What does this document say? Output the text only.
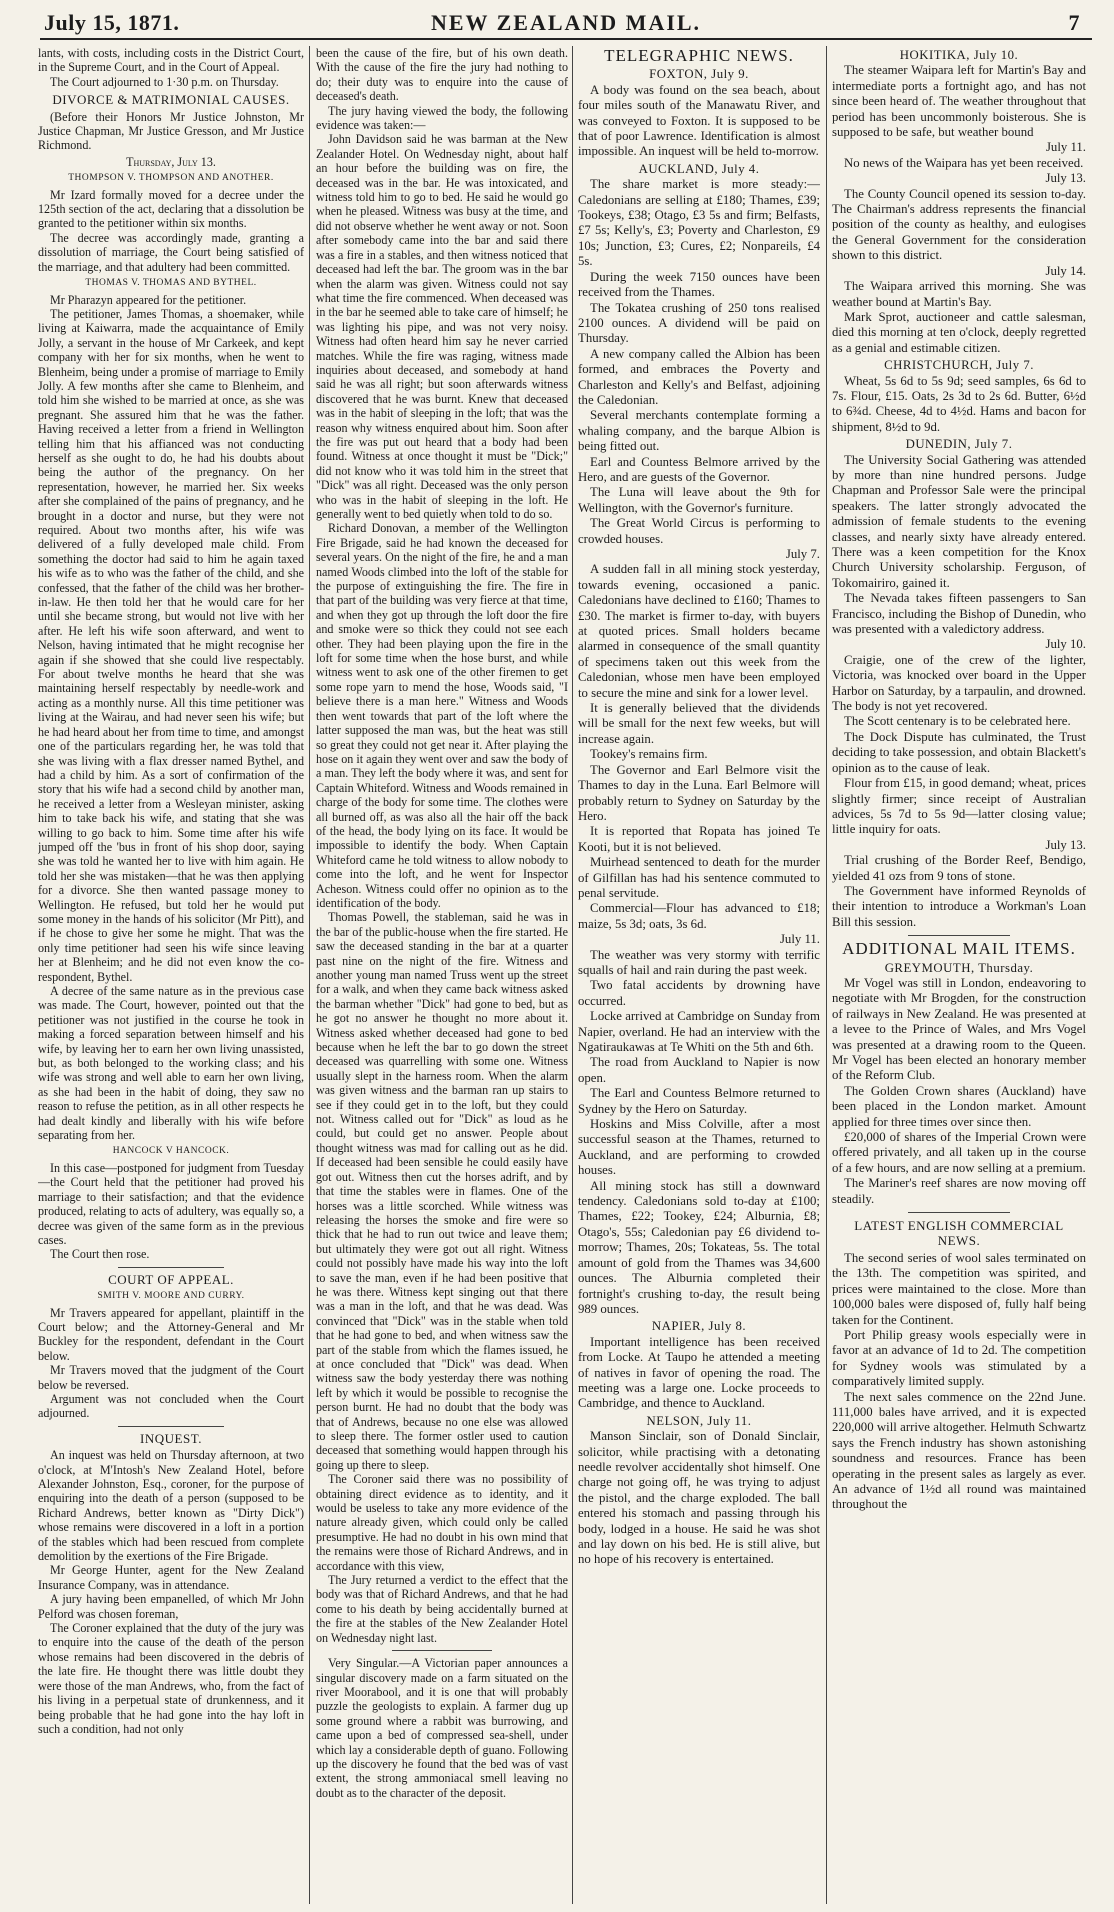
July 15, 1871.	NEW ZEALAND MAIL.	7

lants, with costs, including costs in the District Court, in the Supreme Court, and in the Court of Appeal.

The Court adjourned to 1·30 p.m. on Thursday.

DIVORCE & MATRIMONIAL CAUSES.

(Before their Honors Mr Justice Johnston, Mr Justice Chapman, Mr Justice Gresson, and Mr Justice Richmond.

Thursday, July 13.
THOMPSON V. THOMPSON AND ANOTHER.

Mr Izard formally moved for a decree under the 125th section of the act, declaring that a dissolution be granted to the petitioner within six months.

The decree was accordingly made, granting a dissolution of marriage, the Court being satisfied of the marriage, and that adultery had been committed.

THOMAS V. THOMAS AND BYTHEL.

Mr Pharazyn appeared for the petitioner.

The petitioner, James Thomas, a shoemaker, while living at Kaiwarra, made the acquaintance of Emily Jolly, a servant in the house of Mr Carkeek, and kept company with her for six months, when he went to Blenheim, being under a promise of marriage to Emily Jolly. A few months after she came to Blenheim, and told him she wished to be married at once, as she was pregnant. She assured him that he was the father. Having received a letter from a friend in Wellington telling him that his affianced was not conducting herself as she ought to do, he had his doubts about being the author of the pregnancy. On her representation, however, he married her. Six weeks after she complained of the pains of pregnancy, and he brought in a doctor and nurse, but they were not required. About two months after, his wife was delivered of a fully developed male child. From something the doctor had said to him he again taxed his wife as to who was the father of the child, and she confessed, that the father of the child was her brother-in-law. He then told her that he would care for her until she became strong, but would not live with her after. He left his wife soon afterward, and went to Nelson, having intimated that he might recognise her again if she showed that she could live respectably. For about twelve months he heard that she was maintaining herself respectably by needle-work and acting as a monthly nurse. All this time petitioner was living at the Wairau, and had never seen his wife; but he had heard about her from time to time, and amongst one of the particulars regarding her, he was told that she was living with a flax dresser named Bythel, and had a child by him. As a sort of confirmation of the story that his wife had a second child by another man, he received a letter from a Wesleyan minister, asking him to take back his wife, and stating that she was willing to go back to him. Some time after his wife jumped off the 'bus in front of his shop door, saying she was told he wanted her to live with him again. He told her she was mistaken—that he was then applying for a divorce. She then wanted passage money to Wellington. He refused, but told her he would put some money in the hands of his solicitor (Mr Pitt), and if he chose to give her some he might. That was the only time petitioner had seen his wife since leaving her at Blenheim; and he did not even know the co-respondent, Bythel.

A decree of the same nature as in the previous case was made. The Court, however, pointed out that the petitioner was not justified in the course he took in making a forced separation between himself and his wife, by leaving her to earn her own living unassisted, but, as both belonged to the working class; and his wife was strong and well able to earn her own living, as she had been in the habit of doing, they saw no reason to refuse the petition, as in all other respects he had dealt kindly and liberally with his wife before separating from her.

HANCOCK V HANCOCK.

In this case—postponed for judgment from Tuesday—the Court held that the petitioner had proved his marriage to their satisfaction; and that the evidence produced, relating to acts of adultery, was equally so, a decree was given of the same form as in the previous cases.

The Court then rose.

COURT OF APPEAL.
SMITH V. MOORE AND CURRY.

Mr Travers appeared for appellant, plaintiff in the Court below; and the Attorney-General and Mr Buckley for the respondent, defendant in the Court below.

Mr Travers moved that the judgment of the Court below be reversed.

Argument was not concluded when the Court adjourned.

INQUEST.

An inquest was held on Thursday afternoon, at two o'clock, at M'Intosh's New Zealand Hotel, before Alexander Johnston, Esq., coroner, for the purpose of enquiring into the death of a person (supposed to be Richard Andrews, better known as "Dirty Dick") whose remains were discovered in a loft in a portion of the stables which had been rescued from complete demolition by the exertions of the Fire Brigade.

Mr George Hunter, agent for the New Zealand Insurance Company, was in attendance.

A jury having been empanelled, of which Mr John Pelford was chosen foreman,

The Coroner explained that the duty of the jury was to enquire into the cause of the death of the person whose remains had been discovered in the debris of the late fire. He thought there was little doubt they were those of the man Andrews, who, from the fact of his living in a perpetual state of drunkenness, and it being probable that he had gone into the hay loft in such a condition, had not only

been the cause of the fire, but of his own death. With the cause of the fire the jury had nothing to do; their duty was to enquire into the cause of deceased's death.

The jury having viewed the body, the following evidence was taken:—

John Davidson said he was barman at the New Zealander Hotel. On Wednesday night, about half an hour before the building was on fire, the deceased was in the bar. He was intoxicated, and witness told him to go to bed. He said he would go when he pleased. Witness was busy at the time, and did not observe whether he went away or not. Soon after somebody came into the bar and said there was a fire in a stables, and then witness noticed that deceased had left the bar. The groom was in the bar when the alarm was given. Witness could not say what time the fire commenced. When deceased was in the bar he seemed able to take care of himself; he was lighting his pipe, and was not very noisy. Witness had often heard him say he never carried matches. While the fire was raging, witness made inquiries about deceased, and somebody at hand said he was all right; but soon afterwards witness discovered that he was burnt. Knew that deceased was in the habit of sleeping in the loft; that was the reason why witness enquired about him. Soon after the fire was put out heard that a body had been found. Witness at once thought it must be "Dick;" did not know who it was told him in the street that "Dick" was all right. Deceased was the only person who was in the habit of sleeping in the loft. He generally went to bed quietly when told to do so.

Richard Donovan, a member of the Wellington Fire Brigade, said he had known the deceased for several years. On the night of the fire, he and a man named Woods climbed into the loft of the stable for the purpose of extinguishing the fire. The fire in that part of the building was very fierce at that time, and when they got up through the loft door the fire and smoke were so thick they could not see each other. They had been playing upon the fire in the loft for some time when the hose burst, and while witness went to ask one of the other firemen to get some rope yarn to mend the hose, Woods said, "I believe there is a man here." Witness and Woods then went towards that part of the loft where the latter supposed the man was, but the heat was still so great they could not get near it. After playing the hose on it again they went over and saw the body of a man. They left the body where it was, and sent for Captain Whiteford. Witness and Woods remained in charge of the body for some time. The clothes were all burned off, as was also all the hair off the back of the head, the body lying on its face. It would be impossible to identify the body. When Captain Whiteford came he told witness to allow nobody to come into the loft, and he went for Inspector Acheson. Witness could offer no opinion as to the identification of the body.

Thomas Powell, the stableman, said he was in the bar of the public-house when the fire started. He saw the deceased standing in the bar at a quarter past nine on the night of the fire. Witness and another young man named Truss went up the street for a walk, and when they came back witness asked the barman whether "Dick" had gone to bed, but as he got no answer he thought no more about it. Witness asked whether deceased had gone to bed because when he left the bar to go down the street deceased was quarrelling with some one. Witness usually slept in the harness room. When the alarm was given witness and the barman ran up stairs to see if they could get in to the loft, but they could not. Witness called out for "Dick" as loud as he could, but could get no answer. People about thought witness was mad for calling out as he did. If deceased had been sensible he could easily have got out. Witness then cut the horses adrift, and by that time the stables were in flames. One of the horses was a little scorched. While witness was releasing the horses the smoke and fire were so thick that he had to run out twice and leave them; but ultimately they were got out all right. Witness could not possibly have made his way into the loft to save the man, even if he had been positive that he was there. Witness kept singing out that there was a man in the loft, and that he was dead. Was convinced that "Dick" was in the stable when told that he had gone to bed, and when witness saw the part of the stable from which the flames issued, he at once concluded that "Dick" was dead. When witness saw the body yesterday there was nothing left by which it would be possible to recognise the person burnt. He had no doubt that the body was that of Andrews, because no one else was allowed to sleep there. The former ostler used to caution deceased that something would happen through his going up there to sleep.

The Coroner said there was no possibility of obtaining direct evidence as to identity, and it would be useless to take any more evidence of the nature already given, which could only be called presumptive. He had no doubt in his own mind that the remains were those of Richard Andrews, and in accordance with this view,

The Jury returned a verdict to the effect that the body was that of Richard Andrews, and that he had come to his death by being accidentally burned at the fire at the stables of the New Zealander Hotel on Wednesday night last.

Very Singular.—A Victorian paper announces a singular discovery made on a farm situated on the river Moorabool, and it is one that will probably puzzle the geologists to explain. A farmer dug up some ground where a rabbit was burrowing, and came upon a bed of compressed sea-shell, under which lay a considerable depth of guano. Following up the discovery he found that the bed was of vast extent, the strong ammoniacal smell leaving no doubt as to the character of the deposit.

TELEGRAPHIC NEWS.
FOXTON, July 9.

A body was found on the sea beach, about four miles south of the Manawatu River, and was conveyed to Foxton. It is supposed to be that of poor Lawrence. Identification is almost impossible. An inquest will be held to-morrow.

AUCKLAND, July 4.

The share market is more steady:—Caledonians are selling at £180; Thames, £39; Tookeys, £38; Otago, £3 5s and firm; Belfasts, £7 5s; Kelly's, £3; Poverty and Charleston, £9 10s; Junction, £3; Cures, £2; Nonpareils, £4 5s.

During the week 7150 ounces have been received from the Thames.

The Tokatea crushing of 250 tons realised 2100 ounces. A dividend will be paid on Thursday.

A new company called the Albion has been formed, and embraces the Poverty and Charleston and Kelly's and Belfast, adjoining the Caledonian.

Several merchants contemplate forming a whaling company, and the barque Albion is being fitted out.

Earl and Countess Belmore arrived by the Hero, and are guests of the Governor.

The Luna will leave about the 9th for Wellington, with the Governor's furniture.

The Great World Circus is performing to crowded houses.

July 7.

A sudden fall in all mining stock yesterday, towards evening, occasioned a panic. Caledonians have declined to £160; Thames to £30. The market is firmer to-day, with buyers at quoted prices. Small holders became alarmed in consequence of the small quantity of specimens taken out this week from the Caledonian, whose men have been employed to secure the mine and sink for a lower level.

It is generally believed that the dividends will be small for the next few weeks, but will increase again.

Tookey's remains firm.

The Governor and Earl Belmore visit the Thames to day in the Luna. Earl Belmore will probably return to Sydney on Saturday by the Hero.

It is reported that Ropata has joined Te Kooti, but it is not believed.

Muirhead sentenced to death for the murder of Gilfillan has had his sentence commuted to penal servitude.

Commercial—Flour has advanced to £18; maize, 5s 3d; oats, 3s 6d.

July 11.

The weather was very stormy with terrific squalls of hail and rain during the past week.

Two fatal accidents by drowning have occurred.

Locke arrived at Cambridge on Sunday from Napier, overland. He had an interview with the Ngatiraukawas at Te Whiti on the 5th and 6th.

The road from Auckland to Napier is now open.

The Earl and Countess Belmore returned to Sydney by the Hero on Saturday.

Hoskins and Miss Colville, after a most successful season at the Thames, returned to Auckland, and are performing to crowded houses.

All mining stock has still a downward tendency. Caledonians sold to-day at £100; Thames, £22; Tookey, £24; Alburnia, £8; Otago's, 55s; Caledonian pay £6 dividend to-morrow; Thames, 20s; Tokateas, 5s. The total amount of gold from the Thames was 34,600 ounces. The Alburnia completed their fortnight's crushing to-day, the result being 989 ounces.

NAPIER, July 8.

Important intelligence has been received from Locke. At Taupo he attended a meeting of natives in favor of opening the road. The meeting was a large one. Locke proceeds to Cambridge, and thence to Auckland.

NELSON, July 11.

Manson Sinclair, son of Donald Sinclair, solicitor, while practising with a detonating needle revolver accidentally shot himself. One charge not going off, he was trying to adjust the pistol, and the charge exploded. The ball entered his stomach and passing through his body, lodged in a house. He said he was shot and lay down on his bed. He is still alive, but no hope of his recovery is entertained.

HOKITIKA, July 10.

The steamer Waipara left for Martin's Bay and intermediate ports a fortnight ago, and has not since been heard of. The weather throughout that period has been uncommonly boisterous. She is supposed to be safe, but weather bound

July 11.

No news of the Waipara has yet been received.

July 13.

The County Council opened its session to-day. The Chairman's address represents the financial position of the county as healthy, and eulogises the General Government for the consideration shown to this district.

July 14.

The Waipara arrived this morning. She was weather bound at Martin's Bay.

Mark Sprot, auctioneer and cattle salesman, died this morning at ten o'clock, deeply regretted as a genial and estimable citizen.

CHRISTCHURCH, July 7.

Wheat, 5s 6d to 5s 9d; seed samples, 6s 6d to 7s. Flour, £15. Oats, 2s 3d to 2s 6d. Butter, 6½d to 6¾d. Cheese, 4d to 4½d. Hams and bacon for shipment, 8½d to 9d.

DUNEDIN, July 7.

The University Social Gathering was attended by more than nine hundred persons. Judge Chapman and Professor Sale were the principal speakers. The latter strongly advocated the admission of female students to the evening classes, and nearly sixty have already entered. There was a keen competition for the Knox Church University scholarship. Ferguson, of Tokomairiro, gained it.

The Nevada takes fifteen passengers to San Francisco, including the Bishop of Dunedin, who was presented with a valedictory address.

July 10.

Craigie, one of the crew of the lighter, Victoria, was knocked over board in the Upper Harbor on Saturday, by a tarpaulin, and drowned. The body is not yet recovered.

The Scott centenary is to be celebrated here.

The Dock Dispute has culminated, the Trust deciding to take possession, and obtain Blackett's opinion as to the cause of leak.

Flour from £15, in good demand; wheat, prices slightly firmer; since receipt of Australian advices, 5s 7d to 5s 9d—latter closing value; little inquiry for oats.

July 13.

Trial crushing of the Border Reef, Bendigo, yielded 41 ozs from 9 tons of stone.

The Government have informed Reynolds of their intention to introduce a Workman's Loan Bill this session.

ADDITIONAL MAIL ITEMS.
GREYMOUTH, Thursday.

Mr Vogel was still in London, endeavoring to negotiate with Mr Brogden, for the construction of railways in New Zealand. He was presented at a levee to the Prince of Wales, and Mrs Vogel was presented at a drawing room to the Queen. Mr Vogel has been elected an honorary member of the Reform Club.

The Golden Crown shares (Auckland) have been placed in the London market. Amount applied for three times over since then.

£20,000 of shares of the Imperial Crown were offered privately, and all taken up in the course of a few hours, and are now selling at a premium.

The Mariner's reef shares are now moving off steadily.

LATEST ENGLISH COMMERCIAL NEWS.

The second series of wool sales terminated on the 13th. The competition was spirited, and prices were maintained to the close. More than 100,000 bales were disposed of, fully half being taken for the Continent.

Port Philip greasy wools especially were in favor at an advance of 1d to 2d. The competition for Sydney wools was stimulated by a comparatively limited supply.

The next sales commence on the 22nd June. 111,000 bales have arrived, and it is expected 220,000 will arrive altogether. Helmuth Schwartz says the French industry has shown astonishing soundness and resources. France has been operating in the present sales as largely as ever. An advance of 1½d all round was maintained throughout the
